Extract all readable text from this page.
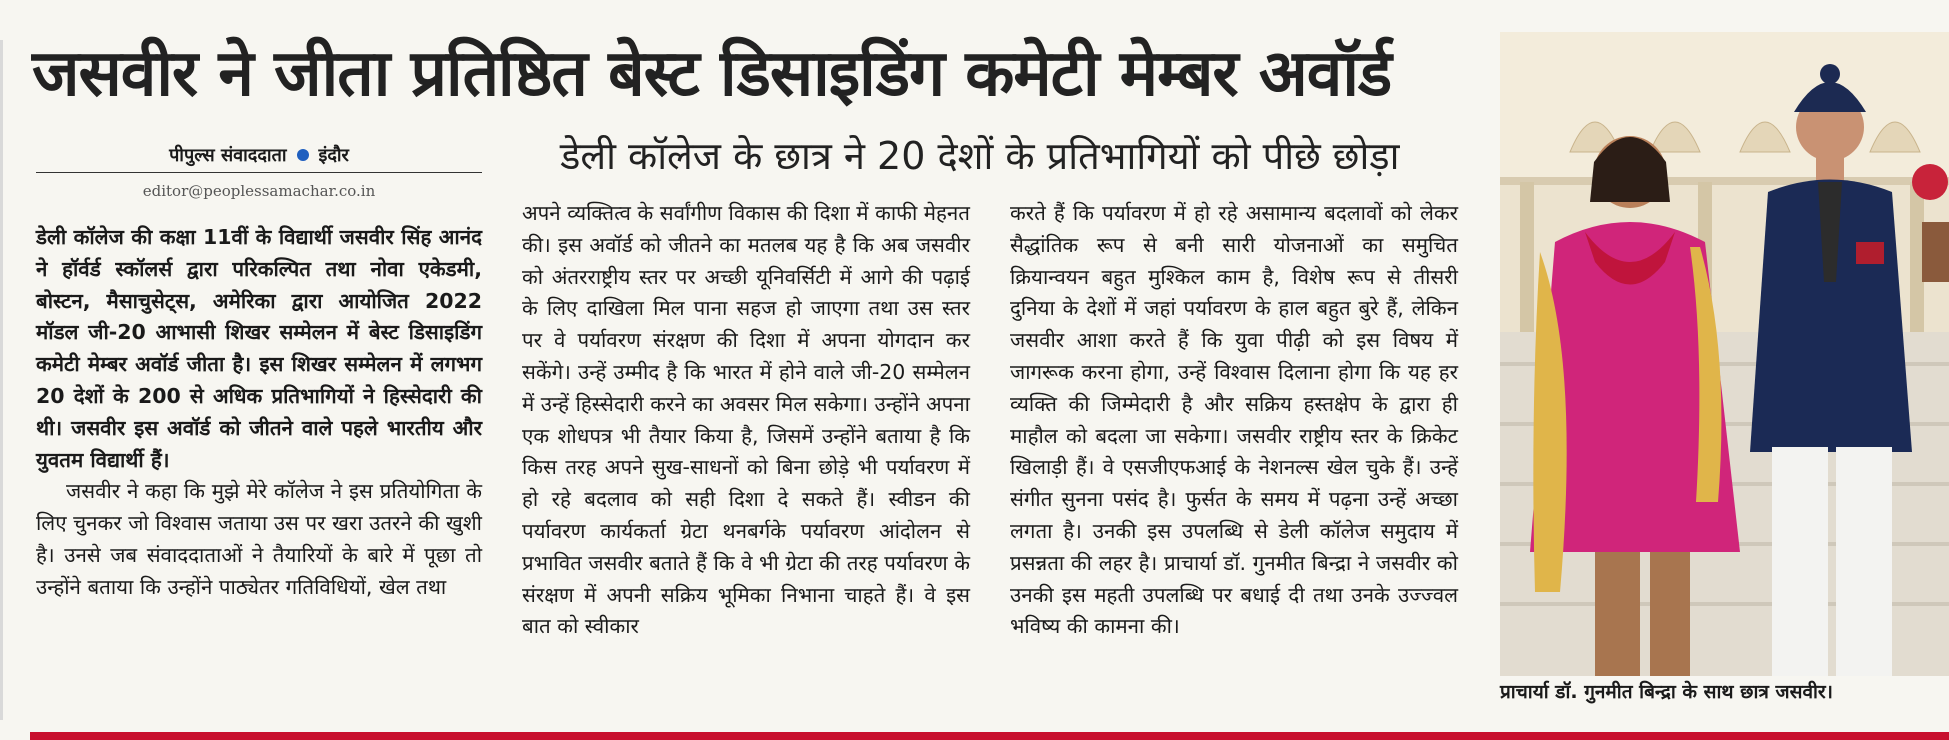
जसवीर ने जीता प्रतिष्ठित बेस्ट डिसाइडिंग कमेटी मेम्बर अवॉर्ड
पीपुल्स संवाददाता इंदौर
editor@peoplessamachar.co.in
डेली कॉलेज के छात्र ने 20 देशों के प्रतिभागियों को पीछे छोड़ा

डेली कॉलेज की कक्षा 11वीं के विद्यार्थी जसवीर सिंह आनंद ने हॉर्वर्ड स्कॉलर्स द्वारा परिकल्पित तथा नोवा एकेडमी, बोस्टन, मैसाचुसेट्स, अमेरिका द्वारा आयोजित 2022 मॉडल जी-20 आभासी शिखर सम्मेलन में बेस्ट डिसाइडिंग कमेटी मेम्बर अवॉर्ड जीता है। इस शिखर सम्मेलन में लगभग 20 देशों के 200 से अधिक प्रतिभागियों ने हिस्सेदारी की थी। जसवीर इस अवॉर्ड को जीतने वाले पहले भारतीय और युवतम विद्यार्थी हैं।

जसवीर ने कहा कि मुझे मेरे कॉलेज ने इस प्रतियोगिता के लिए चुनकर जो विश्वास जताया उस पर खरा उतरने की खुशी है। उनसे जब संवाददाताओं ने तैयारियों के बारे में पूछा तो उन्होंने बताया कि उन्होंने पाठ्येतर गतिविधियों, खेल तथा

अपने व्यक्तित्व के सर्वांगीण विकास की दिशा में काफी मेहनत की। इस अवॉर्ड को जीतने का मतलब यह है कि अब जसवीर को अंतरराष्ट्रीय स्तर पर अच्छी यूनिवर्सिटी में आगे की पढ़ाई के लिए दाखिला मिल पाना सहज हो जाएगा तथा उस स्तर पर वे पर्यावरण संरक्षण की दिशा में अपना योगदान कर सकेंगे। उन्हें उम्मीद है कि भारत में होने वाले जी-20 सम्मेलन में उन्हें हिस्सेदारी करने का अवसर मिल सकेगा। उन्होंने अपना एक शोधपत्र भी तैयार किया है, जिसमें उन्होंने बताया है कि किस तरह अपने सुख-साधनों को बिना छोड़े भी पर्यावरण में हो रहे बदलाव को सही दिशा दे सकते हैं। स्वीडन की पर्यावरण कार्यकर्ता ग्रेटा थनबर्गके पर्यावरण आंदोलन से प्रभावित जसवीर बताते हैं कि वे भी ग्रेटा की तरह पर्यावरण के संरक्षण में अपनी सक्रिय भूमिका निभाना चाहते हैं। वे इस बात को स्वीकार

करते हैं कि पर्यावरण में हो रहे असामान्य बदलावों को लेकर सैद्धांतिक रूप से बनी सारी योजनाओं का समुचित क्रियान्वयन बहुत मुश्किल काम है, विशेष रूप से तीसरी दुनिया के देशों में जहां पर्यावरण के हाल बहुत बुरे हैं, लेकिन जसवीर आशा करते हैं कि युवा पीढ़ी को इस विषय में जागरूक करना होगा, उन्हें विश्वास दिलाना होगा कि यह हर व्यक्ति की जिम्मेदारी है और सक्रिय हस्तक्षेप के द्वारा ही माहौल को बदला जा सकेगा। जसवीर राष्ट्रीय स्तर के क्रिकेट खिलाड़ी हैं। वे एसजीएफआई के नेशनल्स खेल चुके हैं। उन्हें संगीत सुनना पसंद है। फुर्सत के समय में पढ़ना उन्हें अच्छा लगता है। उनकी इस उपलब्धि से डेली कॉलेज समुदाय में प्रसन्नता की लहर है। प्राचार्या डॉ. गुनमीत बिन्द्रा ने जसवीर को उनकी इस महती उपलब्धि पर बधाई दी तथा उनके उज्ज्वल भविष्य की कामना की।

प्राचार्या डॉ. गुनमीत बिन्द्रा के साथ छात्र जसवीर।
